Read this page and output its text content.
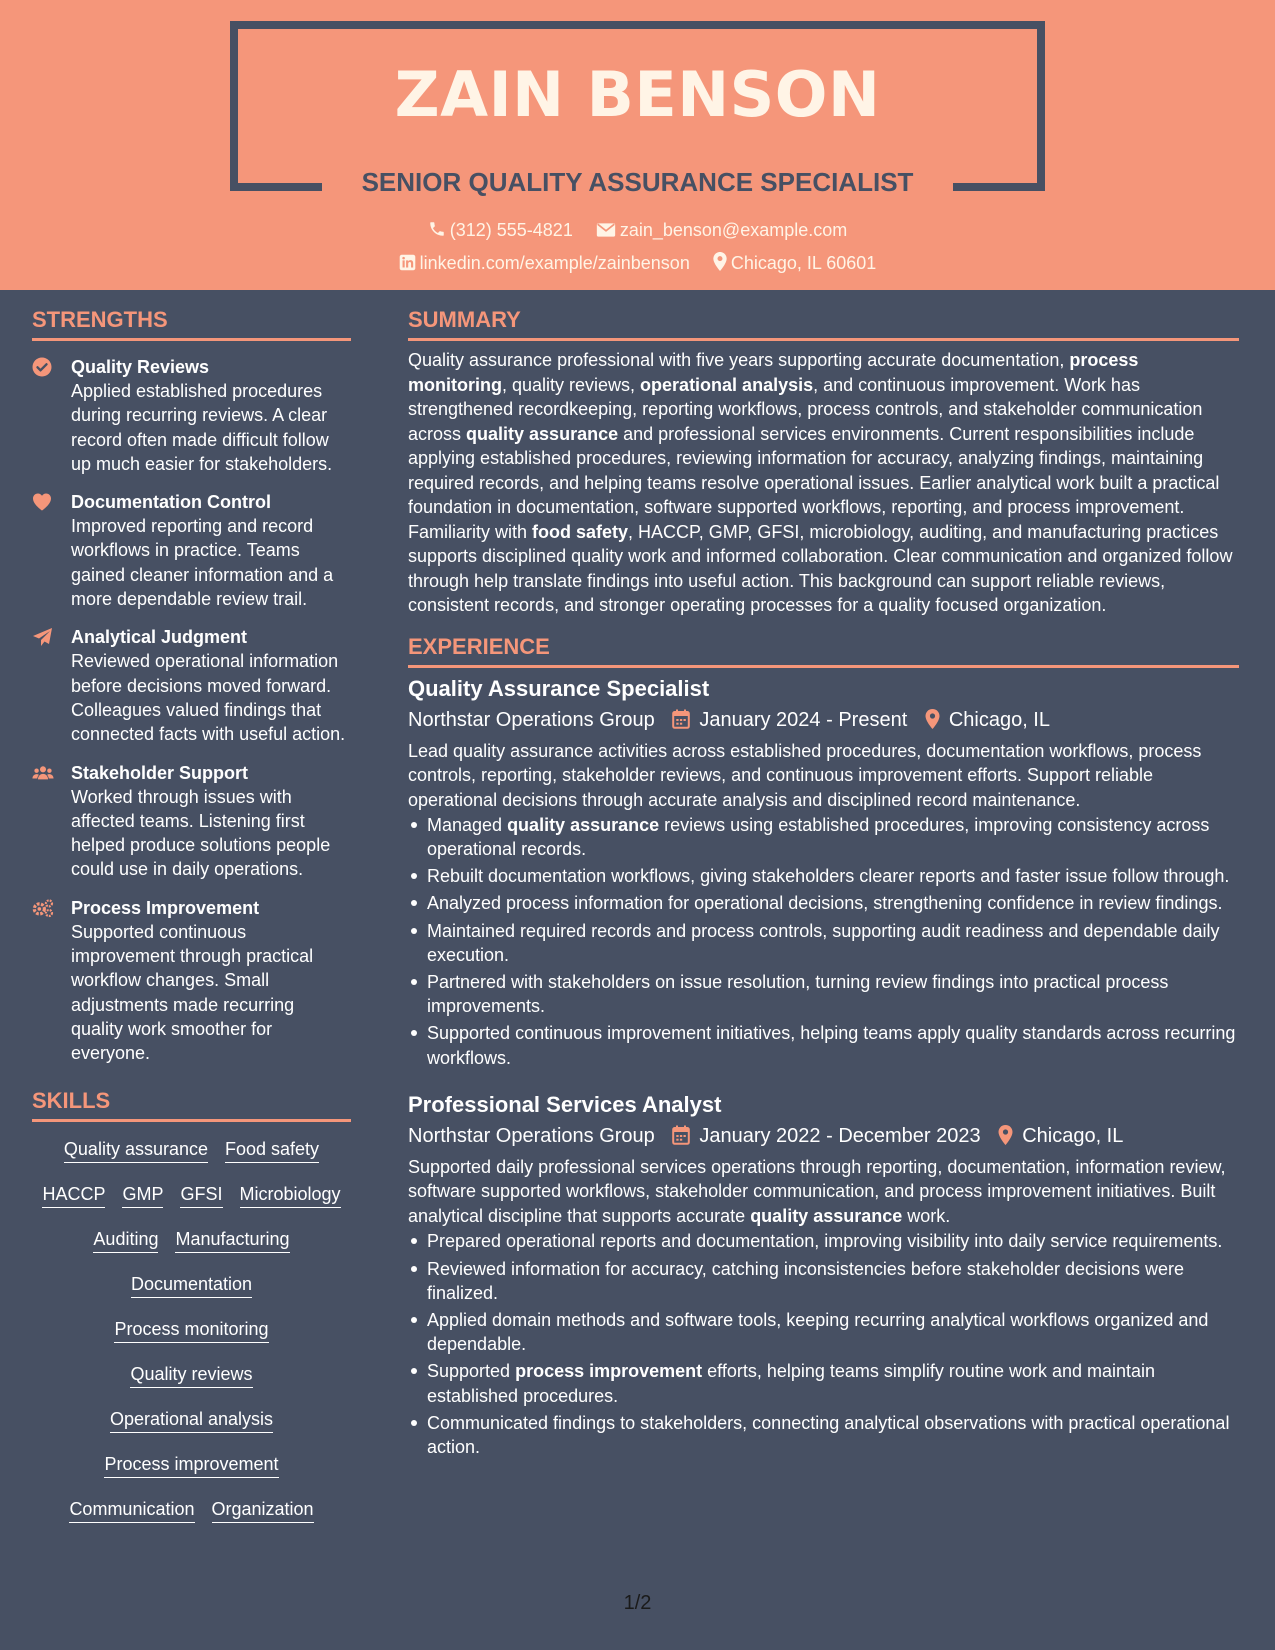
ZAIN BENSON
SENIOR QUALITY ASSURANCE SPECIALIST
(312) 555-4821	zain_benson@example.com
linkedin.com/example/zainbenson Chicago, IL 60601
STRENGTHS
Quality Reviews
Applied established procedures during recurring reviews. A clear record often made difficult follow up much easier for stakeholders.
Documentation Control
Improved reporting and record workflows in practice. Teams gained cleaner information and a more dependable review trail.
Analytical Judgment
Reviewed operational information before decisions moved forward. Colleagues valued findings that connected facts with useful action.
Stakeholder Support
Worked through issues with affected teams. Listening first helped produce solutions people could use in daily operations.
Process Improvement
Supported continuous improvement through practical workflow changes. Small adjustments made recurring quality work smoother for everyone.
SKILLS
Quality assurance Food safety
HACCP GMP GFSI Microbiology
Auditing Manufacturing
Documentation
Process monitoring
Quality reviews
Operational analysis
Process improvement
Communication Organization
SUMMARY

Quality assurance professional with five years supporting accurate documentation, process monitoring, quality reviews, operational analysis, and continuous improvement. Work has strengthened recordkeeping, reporting workflows, process controls, and stakeholder communication across quality assurance and professional services environments. Current responsibilities include applying established procedures, reviewing information for accuracy, analyzing findings, maintaining required records, and helping teams resolve operational issues. Earlier analytical work built a practical foundation in documentation, software supported workflows, reporting, and process improvement. Familiarity with food safety, HACCP, GMP, GFSI, microbiology, auditing, and manufacturing practices supports disciplined quality work and informed collaboration. Clear communication and organized follow through help translate findings into useful action. This background can support reliable reviews, consistent records, and stronger operating processes for a quality focused organization.

EXPERIENCE
Quality Assurance Specialist
Northstar Operations Group January 2024 - Present Chicago, IL

Lead quality assurance activities across established procedures, documentation workflows, process controls, reporting, stakeholder reviews, and continuous improvement efforts. Support reliable operational decisions through accurate analysis and disciplined record maintenance.

Managed quality assurance reviews using established procedures, improving consistency across operational records.
Rebuilt documentation workflows, giving stakeholders clearer reports and faster issue follow through.
Analyzed process information for operational decisions, strengthening confidence in review findings.
Maintained required records and process controls, supporting audit readiness and dependable daily execution.
Partnered with stakeholders on issue resolution, turning review findings into practical process improvements.
Supported continuous improvement initiatives, helping teams apply quality standards across recurring workflows.
Professional Services Analyst
Northstar Operations Group January 2022 - December 2023 Chicago, IL

Supported daily professional services operations through reporting, documentation, information review, software supported workflows, stakeholder communication, and process improvement initiatives. Built analytical discipline that supports accurate quality assurance work.

Prepared operational reports and documentation, improving visibility into daily service requirements.
Reviewed information for accuracy, catching inconsistencies before stakeholder decisions were finalized.
Applied domain methods and software tools, keeping recurring analytical workflows organized and dependable.
Supported process improvement efforts, helping teams simplify routine work and maintain established procedures.
Communicated findings to stakeholders, connecting analytical observations with practical operational action.
1/2
